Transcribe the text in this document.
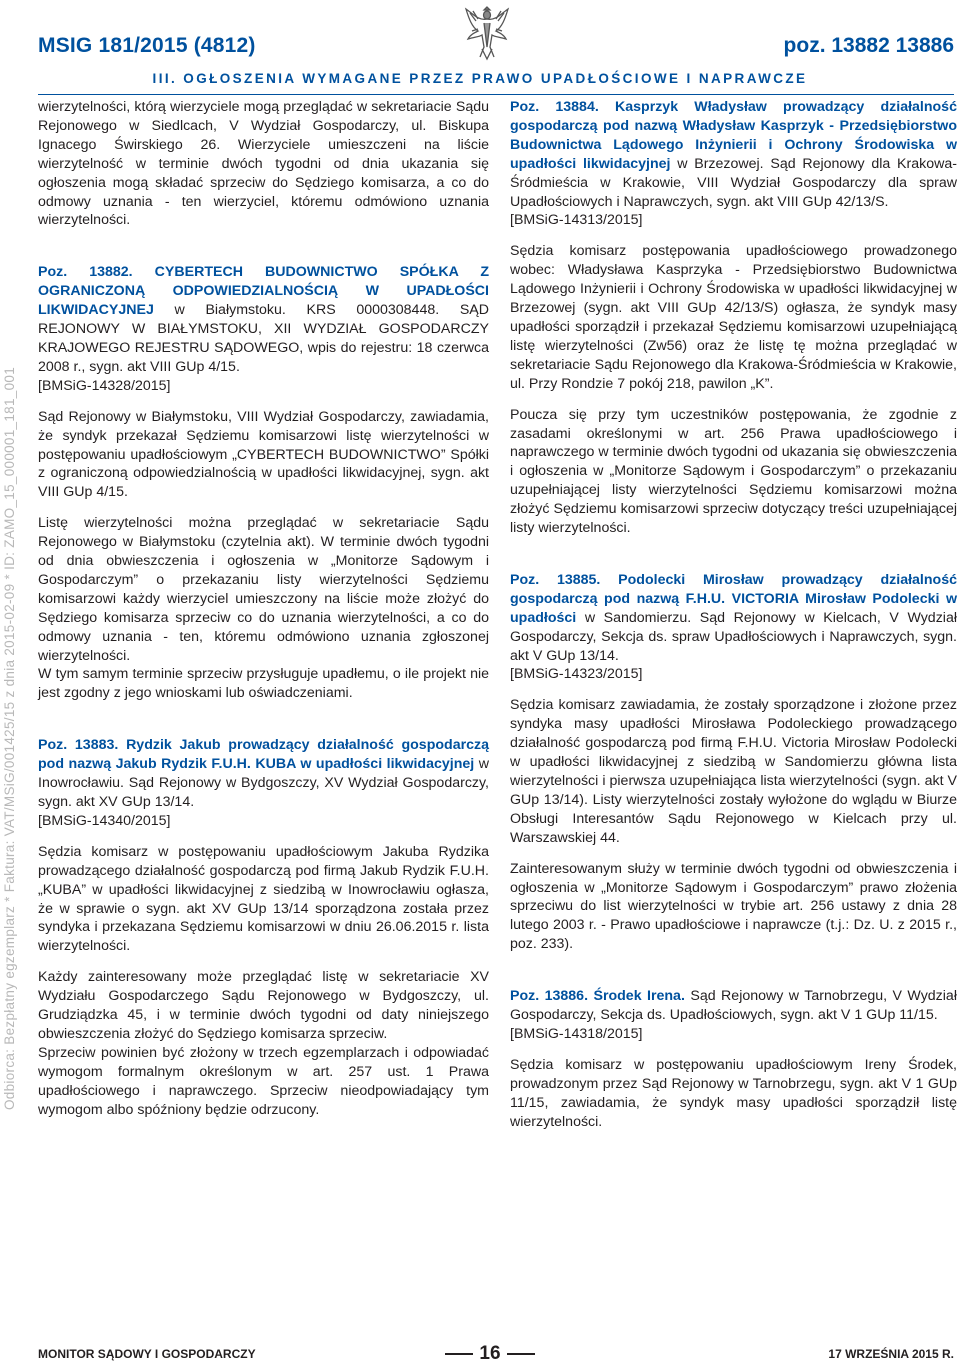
MSIG 181/2015 (4812)	poz. 13882 13886
III. OGŁOSZENIA WYMAGANE PRZEZ PRAWO UPADŁOŚCIOWE I NAPRAWCZE
Odbiorca: Bezpłatny egzemplarz * Faktura: VAT/MSiG/001425/15 z dnia 2015-02-09 * ID: ZAMO_15_000001_181_001

wierzytelności, którą wierzyciele mogą przeglądać w sekretariacie Sądu Rejonowego w Siedlcach, V Wydział Gospodarczy, ul. Biskupa Ignacego Świrskiego 26. Wierzyciele umieszczeni na liście wierzytelność w terminie dwóch tygodni od dnia ukazania się ogłoszenia mogą składać sprzeciw do Sędziego komisarza, a co do odmowy uznania - ten wierzyciel, któremu odmówiono uznania wierzytelności.

Poz. 13882. CYBERTECH BUDOWNICTWO SPÓŁKA Z OGRANICZONĄ ODPOWIEDZIALNOŚCIĄ W UPADŁOŚCI LIKWIDACYJNEJ w Białymstoku. KRS 0000308448. SĄD REJONOWY W BIAŁYMSTOKU, XII WYDZIAŁ GOSPODARCZY KRAJOWEGO REJESTRU SĄDOWEGO, wpis do rejestru: 18 czerwca 2008 r., sygn. akt VIII GUp 4/15.

[BMSiG-14328/2015]

Sąd Rejonowy w Białymstoku, VIII Wydział Gospodarczy, zawiadamia, że syndyk przekazał Sędziemu komisarzowi listę wierzytelności w postępowaniu upadłościowym „CYBERTECH BUDOWNICTWO” Spółki z ograniczoną odpowiedzialnością w upadłości likwidacyjnej, sygn. akt VIII GUp 4/15.

Listę wierzytelności można przeglądać w sekretariacie Sądu Rejonowego w Białymstoku (czytelnia akt). W terminie dwóch tygodni od dnia obwieszczenia i ogłoszenia w „Monitorze Sądowym i Gospodarczym” o przekazaniu listy wierzytelności Sędziemu komisarzowi każdy wierzyciel umieszczony na liście może złożyć do Sędziego komisarza sprzeciw co do uznania wierzytelności, a co do odmowy uznania - ten, któremu odmówiono uznania zgłoszonej wierzytelności.

W tym samym terminie sprzeciw przysługuje upadłemu, o ile projekt nie jest zgodny z jego wnioskami lub oświadczeniami.

Poz. 13883. Rydzik Jakub prowadzący działalność gospodarczą pod nazwą Jakub Rydzik F.U.H. KUBA w upadłości likwidacyjnej w Inowrocławiu. Sąd Rejonowy w Bydgoszczy, XV Wydział Gospodarczy, sygn. akt XV GUp 13/14.

[BMSiG-14340/2015]

Sędzia komisarz w postępowaniu upadłościowym Jakuba Rydzika prowadzącego działalność gospodarczą pod firmą Jakub Rydzik F.U.H. „KUBA” w upadłości likwidacyjnej z siedzibą w Inowrocławiu ogłasza, że w sprawie o sygn. akt XV GUp 13/14 sporządzona została przez syndyka i przekazana Sędziemu komisarzowi w dniu 26.06.2015 r. lista wierzytelności.

Każdy zainteresowany może przeglądać listę w sekretariacie XV Wydziału Gospodarczego Sądu Rejonowego w Bydgoszczy, ul. Grudziądzka 45, i w terminie dwóch tygodni od daty niniejszego obwieszczenia złożyć do Sędziego komisarza sprzeciw.

Sprzeciw powinien być złożony w trzech egzemplarzach i odpowiadać wymogom formalnym określonym w art. 257 ust. 1 Prawa upadłościowego i naprawczego. Sprzeciw nieodpowiadający tym wymogom albo spóźniony będzie odrzucony.

Poz. 13884. Kasprzyk Władysław prowadzący działalność gospodarczą pod nazwą Władysław Kasprzyk - Przedsiębiorstwo Budownictwa Lądowego Inżynierii i Ochrony Środowiska w upadłości likwidacyjnej w Brzezowej. Sąd Rejonowy dla Krakowa-Śródmieścia w Krakowie, VIII Wydział Gospodarczy dla spraw Upadłościowych i Naprawczych, sygn. akt VIII GUp 42/13/S.

[BMSiG-14313/2015]

Sędzia komisarz postępowania upadłościowego prowadzonego wobec: Władysława Kasprzyka - Przedsiębiorstwo Budownictwa Lądowego Inżynierii i Ochrony Środowiska w upadłości likwidacyjnej w Brzezowej (sygn. akt VIII GUp 42/13/S) ogłasza, że syndyk masy upadłości sporządził i przekazał Sędziemu komisarzowi uzupełniającą listę wierzytelności (Zw56) oraz że listę tę można przeglądać w sekretariacie Sądu Rejonowego dla Krakowa-Śródmieścia w Krakowie, ul. Przy Rondzie 7 pokój 218, pawilon „K”.

Poucza się przy tym uczestników postępowania, że zgodnie z zasadami określonymi w art. 256 Prawa upadłościowego i naprawczego w terminie dwóch tygodni od ukazania się obwieszczenia i ogłoszenia w „Monitorze Sądowym i Gospodarczym” o przekazaniu uzupełniającej listy wierzytelności Sędziemu komisarzowi można złożyć Sędziemu komisarzowi sprzeciw dotyczący treści uzupełniającej listy wierzytelności.

Poz. 13885. Podolecki Mirosław prowadzący działalność gospodarczą pod nazwą F.H.U. VICTORIA Mirosław Podolecki w upadłości w Sandomierzu. Sąd Rejonowy w Kielcach, V Wydział Gospodarczy, Sekcja ds. spraw Upadłościowych i Naprawczych, sygn. akt V GUp 13/14.

[BMSiG-14323/2015]

Sędzia komisarz zawiadamia, że zostały sporządzone i złożone przez syndyka masy upadłości Mirosława Podoleckiego prowadzącego działalność gospodarczą pod firmą F.H.U. Victoria Mirosław Podolecki w upadłości likwidacyjnej z siedzibą w Sandomierzu główna lista wierzytelności i pierwsza uzupełniająca lista wierzytelności (sygn. akt V GUp 13/14). Listy wierzytelności zostały wyłożone do wglądu w Biurze Obsługi Interesantów Sądu Rejonowego w Kielcach przy ul. Warszawskiej 44.

Zainteresowanym służy w terminie dwóch tygodni od obwieszczenia i ogłoszenia w „Monitorze Sądowym i Gospodarczym” prawo złożenia sprzeciwu do list wierzytelności w trybie art. 256 ustawy z dnia 28 lutego 2003 r. - Prawo upadłościowe i naprawcze (t.j.: Dz. U. z 2015 r., poz. 233).

Poz. 13886. Środek Irena. Sąd Rejonowy w Tarnobrzegu, V Wydział Gospodarczy, Sekcja ds. Upadłościowych, sygn. akt V 1 GUp 11/15.

[BMSiG-14318/2015]

Sędzia komisarz w postępowaniu upadłościowym Ireny Środek, prowadzonym przez Sąd Rejonowy w Tarnobrzegu, sygn. akt V 1 GUp 11/15, zawiadamia, że syndyk masy upadłości sporządził listę wierzytelności.

MONITOR SĄDOWY I GOSPODARCZY	16	17 WRZEŚNIA 2015 R.
